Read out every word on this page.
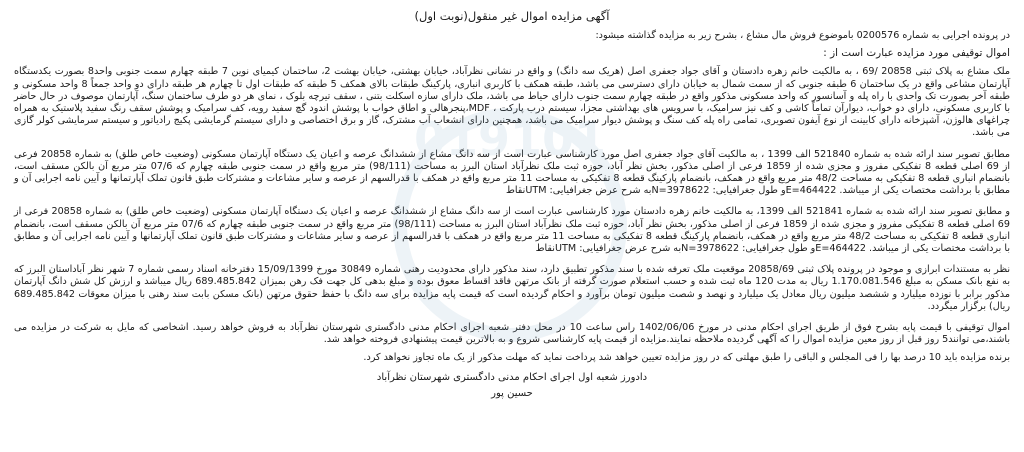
019101
آگهی مزایده اموال غیر منقول(نوبت اول)

در پرونده اجرایی به شماره 0200576 باموضوع فروش مال مشاع ، بشرح زیر به مزایده گذاشته میشود:

اموال توقیفی مورد مزایده عبارت است از :

ملک مشاع به پلاک ثبتی 20858 /69 ، به مالکیت خانم زهره دادستان و آقای جواد جعفری اصل (هریک سه دانگ) و واقع در نشانی نظرآباد، خیابان بهشتی، خیابان بهشت 2، ساختمان کیمیای نوین 7 طبقه چهارم سمت جنوبی واحد8 بصورت یکدستگاه آپارتمان مشاعی واقع در یک ساختمان 6 طبقه جنوبی که از سمت شمال به خیابان دارای دسترسی می باشد، طبقه همکف با کاربری انباری، پارکینگ طبقات بالای همکف 5 طبقه که طبقات اول تا چهارم هر طبقه دارای دو واحد جمعاً 8 واحد مسکونی و طبقه آخر بصورت تک واحدی با راه پله و آسانسور که واحد مسکونی مذکور واقع در طبقه چهارم سمت جنوب دارای حیاط می باشد، ملک دارای سازه اسکلت بتنی ، سقف تیرچه بلوک ، نمای هر دو طرف ساختمان سنگ، آپارتمان موصوف در حال حاضر با کاربری مسکونی، دارای دو خواب، دیوارآن تماماً کاشی و کف نیز سرامیک، با سرویس های بهداشتی مجزا، سیستم درب پارکت ، MDF،پنجرهالی و اطاق خواب با پوشش اندود گچ سفید رویه، کف سرامیک و پوشش سقف رنگ سفید پلاستیک به همراه چراغهای هالوژن، آشپزخانه دارای کابینت از نوع آیفون تصویری، تمامی راه پله کف سنگ و پوشش دیوار سرامیک می باشد، همچنین دارای انشعاب آب مشترک، گاز و برق اختصاصی و دارای سیستم گرمایشی پکیج رادیاتور و سیستم سرمایشی کولر گازی می باشد.

مطابق تصویر سند ارائه شده به شماره 521840 الف 1399 ، به مالکیت آقای جواد جعفری اصل مورد کارشناسی عبارت است از سه دانگ مشاع از ششدانگ عرصه و اعیان یک دستگاه آپارتمان مسکونی (وضعیت خاص طلق) به شماره 20858 فرعی از 69 اصلی قطعه 8 تفکیکی مفروز و مجزی شده از 1859 فرعی از اصلی مذکور، بخش نظر آباد، حوزه ثبت ملک نظرآباد استان البرز به مساحت (98/111) متر مربع واقع در سمت جنوبی طبقه چهارم که 07/6 متر مربع آن بالکن مسقف است، بانضمام انباری قطعه 8 تفکیکی به مساحت 48/2 متر مربع واقع در همکف، بانضمام پارکینگ قطعه 8 تفکیکی به مساحت 11 متر مربع واقع در همکف با قدرالسهم از عرصه و سایر مشاعات و مشترکات طبق قانون تملک آپارتمانها و آیین نامه اجرایی آن و مطابق با برداشت مختصات یکی از میباشد. 464422=Eو طول جغرافیایی: 3978622=Nبه شرح عرض جغرافیایی: UTMنقاط

و مطابق تصویر سند ارائه شده به شماره 521841 الف 1399، به مالکیت خانم زهره دادستان مورد کارشناسی عبارت است از سه دانگ مشاع از ششدانگ عرصه و اعیان یک دستگاه آپارتمان مسکونی (وضعیت خاص طلق) به شماره 20858 فرعی از 69 اصلی قطعه 8 تفکیکی مفروز و مجزی شده از 1859 فرعی از اصلی مذکور، بخش نظر آباد، حوزه ثبت ملک نظرآباد استان البرز به مساحت (98/111) متر مربع واقع در سمت جنوبی طبقه چهارم که 07/6 متر مربع آن بالکن مسقف است، بانضمام انباری قطعه 8 تفکیکی به مساحت 48/2 متر مربع واقع در همکف، بانضمام پارکینگ قطعه 8 تفکیکی به مساحت 11 متر مربع واقع در همکف با قدرالسهم از عرصه و سایر مشاعات و مشترکات طبق قانون تملک آپارتمانها و آیین نامه اجرایی آن و مطابق با برداشت مختصات یکی از میباشد. 464422=Eو طول جغرافیایی: 3978622=Nبه شرح عرض جغرافیایی: UTMنقاط

نظر به مستندات ابرازی و موجود در پرونده پلاک ثبتی 20858/69 موقعیت ملک تعرفه شده با سند مذکور تطبیق دارد، سند مذکور دارای محدودیت رهنی شماره 30849 مورخ 15/09/1399 دفترخانه اسناد رسمی شماره 7 شهر نظر آباداستان البرز که به نفع بانک مسکن به مبلغ 1.170.081.546 ریال به مدت 120 ماه ثبت شده و حسب استعلام صورت گرفته از بانک مرتهن فاقد اقساط معوق بوده و مبلغ بدهی کل جهت فک رهن بمیزان 689.485.842 ریال میباشد و ارزش کل شش دانگ آپارتمان مذکور برابر با نوزده میلیارد و ششصد میلیون ریال معادل یک میلیارد و نهصد و شصت میلیون تومان برآورد و احکام گردیده است که قیمت پایه مزایده برای سه دانگ با حفظ حقوق مرتهن (بانک مسکن بابت سند رهنی با میزان معوقات 689.485.842 ریال) برگزار میگردد.

اموال توقیفی با قیمت پایه بشرح فوق از طریق اجرای احکام مدنی در مورخ 1402/06/06 راس ساعت 10 در محل دفتر شعبه اجرای احکام مدنی دادگستری شهرستان نظرآباد به فروش خواهد رسید. اشخاصی که مایل به شرکت در مزایده می باشند،می توانند5 روز قبل از روز معین مزایده اموال را که آگهی گردیده ملاحظه نمایند.مزایده از قیمت پایه کارشناسی شروع و به بالاترین قیمت پیشنهادی فروخته خواهد شد.

برنده مزایده باید 10 درصد بها را فی المجلس و الباقی را طبق مهلتی که در روز مزایده تعیین خواهد شد پرداخت نماید که مهلت مذکور از یک ماه تجاوز نخواهد کرد.

دادورز شعبه اول اجرای احکام مدنی دادگستری شهرستان نظرآباد
حسین پور
